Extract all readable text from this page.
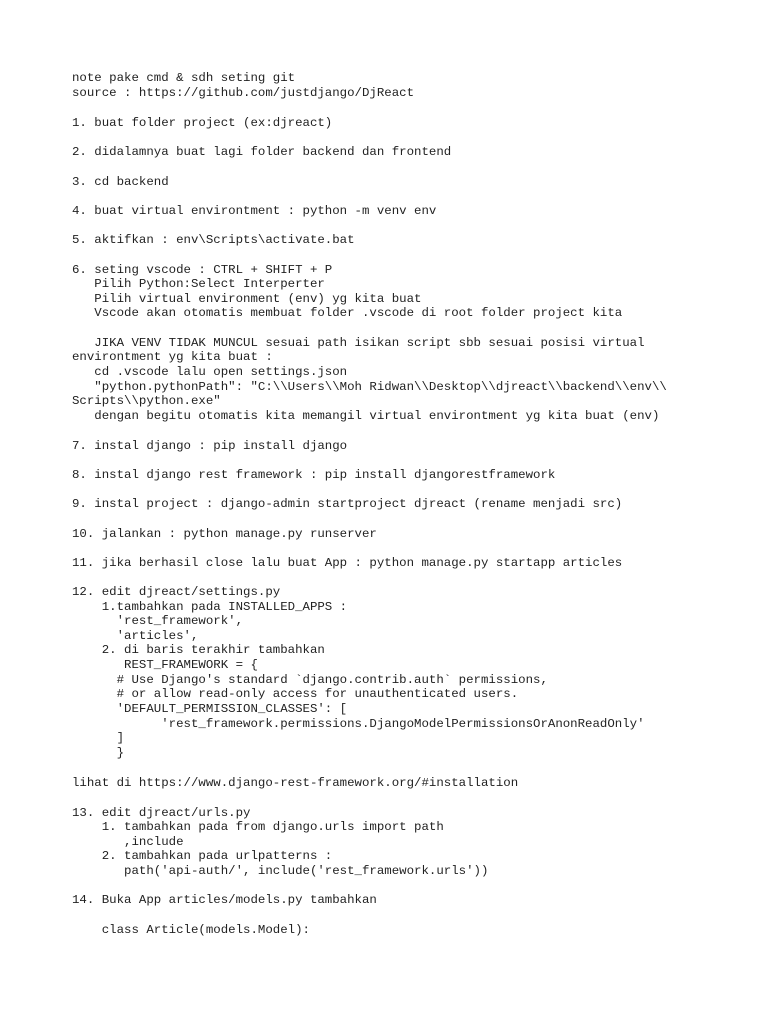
note pake cmd & sdh seting git
source : https://github.com/justdjango/DjReact
1. buat folder project (ex:djreact)
2. didalamnya buat lagi folder backend dan frontend
3. cd backend
4. buat virtual environtment : python -m venv env
5. aktifkan : env\Scripts\activate.bat
6. seting vscode : CTRL + SHIFT + P
Pilih Python:Select Interperter
Pilih virtual environment (env) yg kita buat
Vscode akan otomatis membuat folder .vscode di root folder project kita
JIKA VENV TIDAK MUNCUL sesuai path isikan script sbb sesuai posisi virtual
environtment yg kita buat :
cd .vscode lalu open settings.json
"python.pythonPath": "C:\\Users\\Moh Ridwan\\Desktop\\djreact\\backend\\env\\
Scripts\\python.exe"
dengan begitu otomatis kita memangil virtual environtment yg kita buat (env)
7. instal django : pip install django
8. instal django rest framework : pip install djangorestframework
9. instal project : django-admin startproject djreact (rename menjadi src)
10. jalankan : python manage.py runserver
11. jika berhasil close lalu buat App : python manage.py startapp articles
12. edit djreact/settings.py
1.tambahkan pada INSTALLED_APPS :
'rest_framework',
'articles',
2. di baris terakhir tambahkan
REST_FRAMEWORK = {
# Use Django's standard `django.contrib.auth` permissions,
# or allow read-only access for unauthenticated users.
'DEFAULT_PERMISSION_CLASSES': [
'rest_framework.permissions.DjangoModelPermissionsOrAnonReadOnly'
]
}
lihat di https://www.django-rest-framework.org/#installation
13. edit djreact/urls.py
1. tambahkan pada from django.urls import path
,include
2. tambahkan pada urlpatterns :
path('api-auth/', include('rest_framework.urls'))
14. Buka App articles/models.py tambahkan
class Article(models.Model):
